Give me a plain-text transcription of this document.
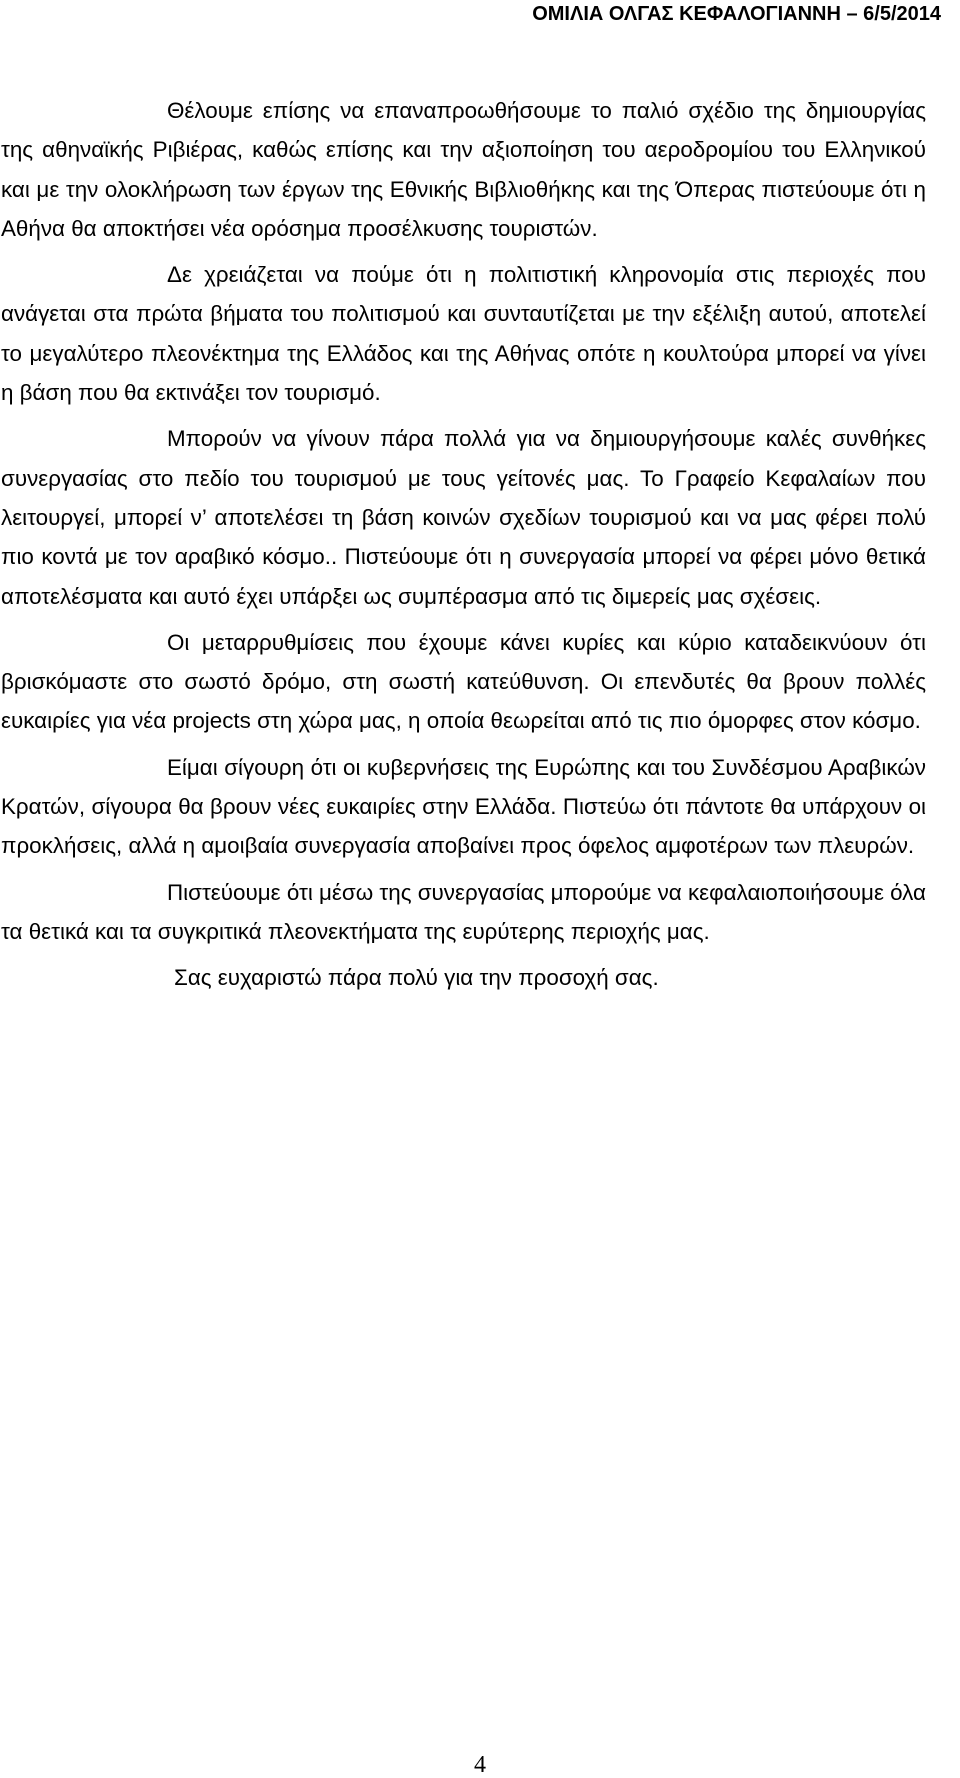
ΟΜΙΛΙΑ ΟΛΓΑΣ ΚΕΦΑΛΟΓΙΑΝΝΗ – 6/5/2014

Θέλουμε επίσης να επαναπροωθήσουμε το παλιό σχέδιο της δημιουργίας της αθηναϊκής Ριβιέρας, καθώς επίσης και την αξιοποίηση του αεροδρομίου του Ελληνικού και με την ολοκλήρωση των έργων της Εθνικής Βιβλιοθήκης και της Όπερας πιστεύουμε ότι η Αθήνα θα αποκτήσει νέα ορόσημα προσέλκυσης τουριστών.

Δε χρειάζεται να πούμε ότι η πολιτιστική κληρονομία στις περιοχές που ανάγεται στα πρώτα βήματα του πολιτισμού και συνταυτίζεται με την εξέλιξη αυτού, αποτελεί το μεγαλύτερο πλεονέκτημα της Ελλάδος και της Αθήνας οπότε η κουλτούρα μπορεί να γίνει η βάση που θα εκτινάξει τον τουρισμό.

Μπορούν να γίνουν πάρα πολλά για να δημιουργήσουμε καλές συνθήκες συνεργασίας στο πεδίο του τουρισμού με τους γείτονές μας. Το Γραφείο Κεφαλαίων που λειτουργεί, μπορεί ν’ αποτελέσει τη βάση κοινών σχεδίων τουρισμού και να μας φέρει πολύ πιο κοντά με τον αραβικό κόσμο.. Πιστεύουμε ότι η συνεργασία μπορεί να φέρει μόνο θετικά αποτελέσματα και αυτό έχει υπάρξει ως συμπέρασμα από τις διμερείς μας σχέσεις.

Οι μεταρρυθμίσεις που έχουμε κάνει κυρίες και κύριο καταδεικνύουν ότι βρισκόμαστε στο σωστό δρόμο, στη σωστή κατεύθυνση. Οι επενδυτές θα βρουν πολλές ευκαιρίες για νέα projects στη χώρα μας, η οποία θεωρείται από τις πιο όμορφες στον κόσμο.

Είμαι σίγουρη ότι οι κυβερνήσεις της Ευρώπης και του Συνδέσμου Αραβικών Κρατών, σίγουρα θα βρουν νέες ευκαιρίες στην Ελλάδα. Πιστεύω ότι πάντοτε θα υπάρχουν οι προκλήσεις, αλλά η αμοιβαία συνεργασία αποβαίνει προς όφελος αμφοτέρων των πλευρών.

Πιστεύουμε ότι μέσω της συνεργασίας μπορούμε να κεφαλαιοποιήσουμε όλα τα θετικά και τα συγκριτικά πλεονεκτήματα της ευρύτερης περιοχής μας.

Σας ευχαριστώ πάρα πολύ για την προσοχή σας.

4
